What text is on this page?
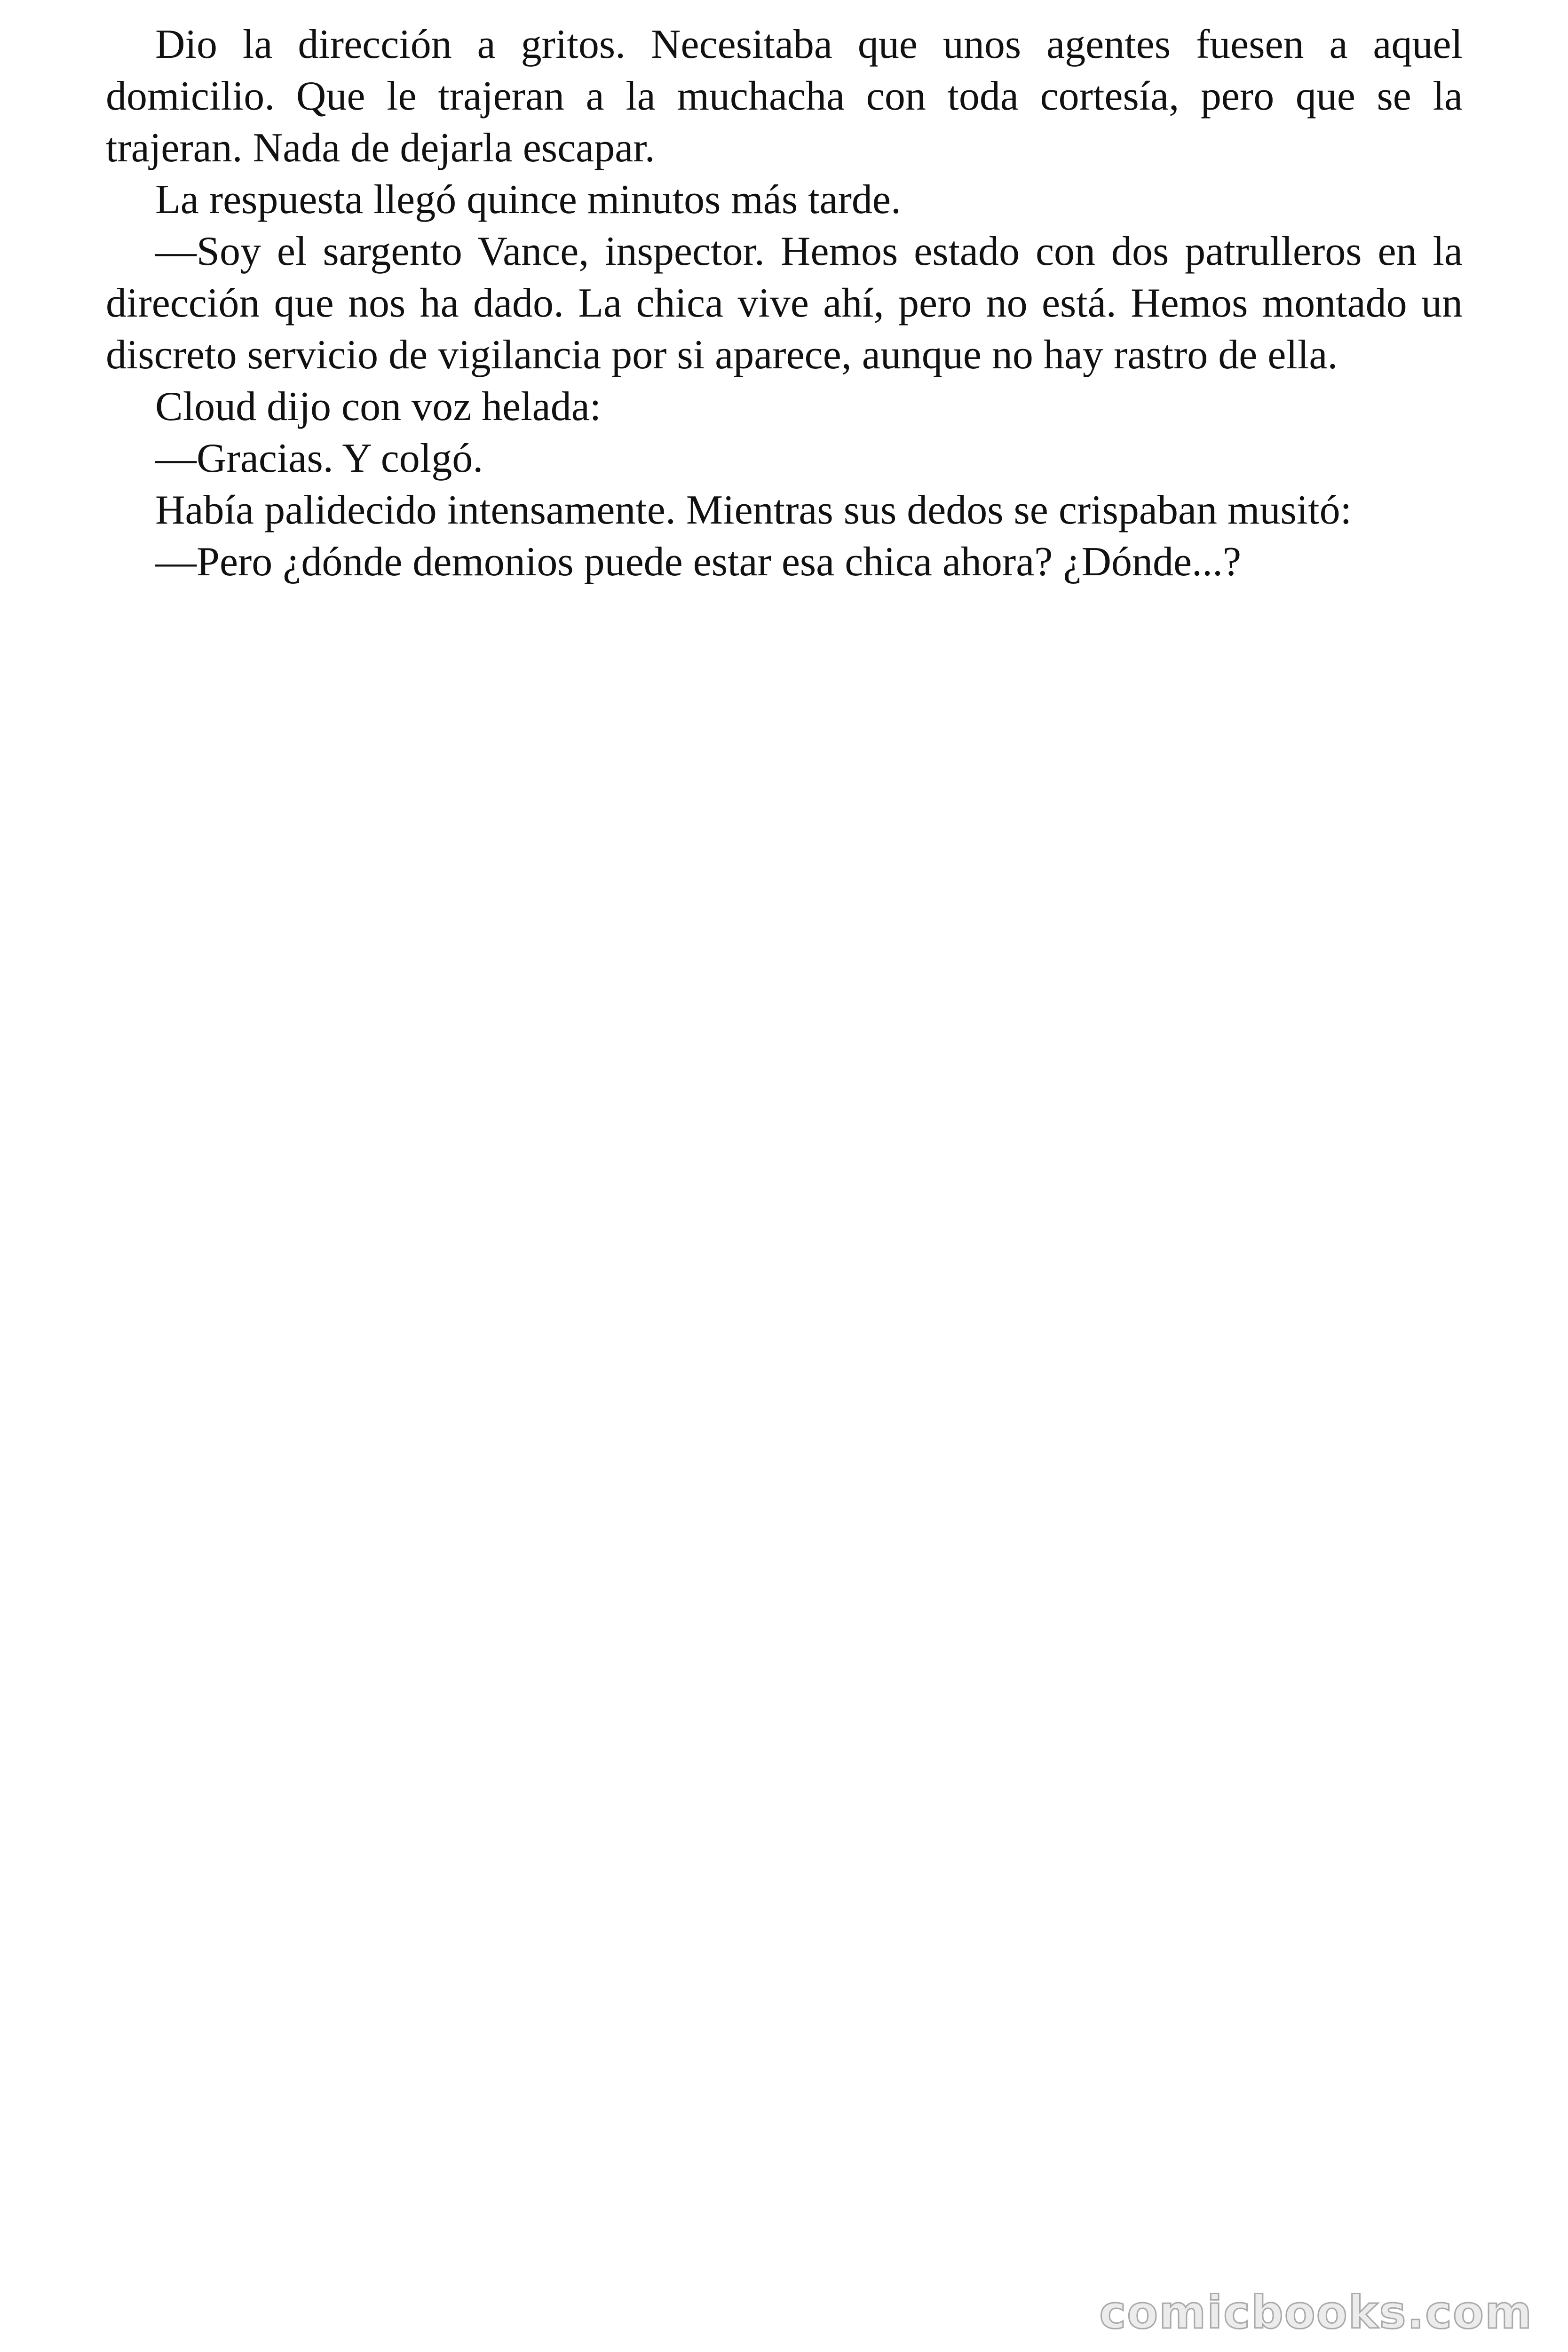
Dio la dirección a gritos. Necesitaba que unos agentes fuesen a aquel domicilio. Que le trajeran a la muchacha con toda cortesía, pero que se la trajeran. Nada de dejarla escapar.

La respuesta llegó quince minutos más tarde.

—Soy el sargento Vance, inspector. Hemos estado con dos patrulleros en la dirección que nos ha dado. La chica vive ahí, pero no está. Hemos montado un discreto servicio de vigilancia por si aparece, aunque no hay rastro de ella.

Cloud dijo con voz helada:

—Gracias. Y colgó.

Había palidecido intensamente. Mientras sus dedos se crispaban musitó:

—Pero ¿dónde demonios puede estar esa chica ahora? ¿Dónde...?

comicbooks.com
